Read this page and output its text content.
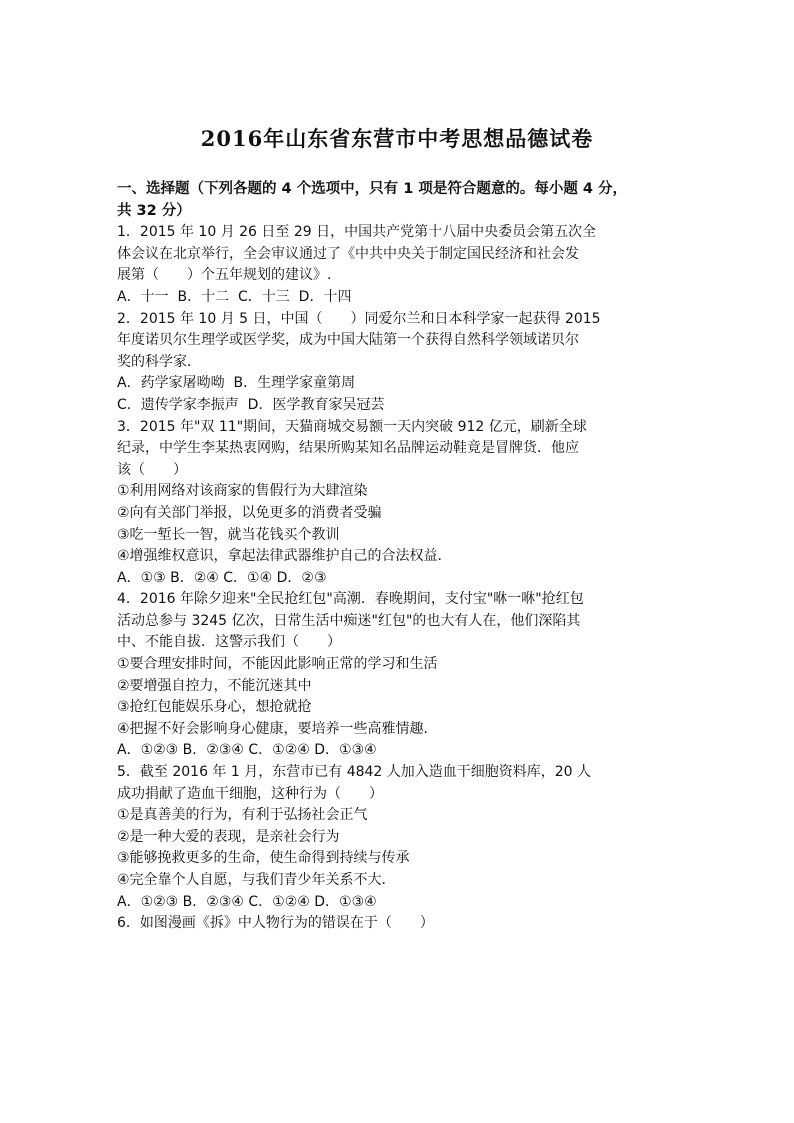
2016年山东省东营市中考思想品德试卷
一、选择题（下列各题的 4 个选项中，只有 1 项是符合题意的。每小题 4 分，
共 32 分）
1．2015 年 10 月 26 日至 29 日，中国共产党第十八届中央委员会第五次全
体会议在北京举行，全会审议通过了《中共中央关于制定国民经济和社会发
展第（　　）个五年规划的建议》.
A．十一  B．十二  C．十三  D．十四
2．2015 年 10 月 5 日，中国（　　）同爱尔兰和日本科学家一起获得 2015
年度诺贝尔生理学或医学奖，成为中国大陆第一个获得自然科学领域诺贝尔
奖的科学家．
A．药学家屠呦呦  B．生理学家童第周
C．遗传学家李振声  D．医学教育家吴冠芸
3．2015 年"双 11"期间，天猫商城交易额一天内突破 912 亿元，刷新全球
纪录，中学生李某热衷网购，结果所购某知名品牌运动鞋竟是冒牌货．他应
该（　　）
①利用网络对该商家的售假行为大肆渲染
②向有关部门举报，以免更多的消费者受骗
③吃一堑长一智，就当花钱买个教训
④增强维权意识，拿起法律武器维护自己的合法权益．
A．①③ B．②④ C．①④ D．②③
4．2016 年除夕迎来"全民抢红包"高潮．春晚期间，支付宝"咻一咻"抢红包
活动总参与 3245 亿次，日常生活中痴迷"红包"的也大有人在，他们深陷其
中、不能自拔．这警示我们（　　）
①要合理安排时间，不能因此影响正常的学习和生活
②要增强自控力，不能沉迷其中
③抢红包能娱乐身心，想抢就抢
④把握不好会影响身心健康，要培养一些高雅情趣．
A．①②③ B．②③④ C．①②④ D．①③④
5．截至 2016 年 1 月，东营市已有 4842 人加入造血干细胞资料库，20 人
成功捐献了造血干细胞，这种行为（　　）
①是真善美的行为，有利于弘扬社会正气
②是一种大爱的表现，是亲社会行为
③能够挽救更多的生命，使生命得到持续与传承
④完全靠个人自愿，与我们青少年关系不大．
A．①②③ B．②③④ C．①②④ D．①③④
6．如图漫画《拆》中人物行为的错误在于（　　）
